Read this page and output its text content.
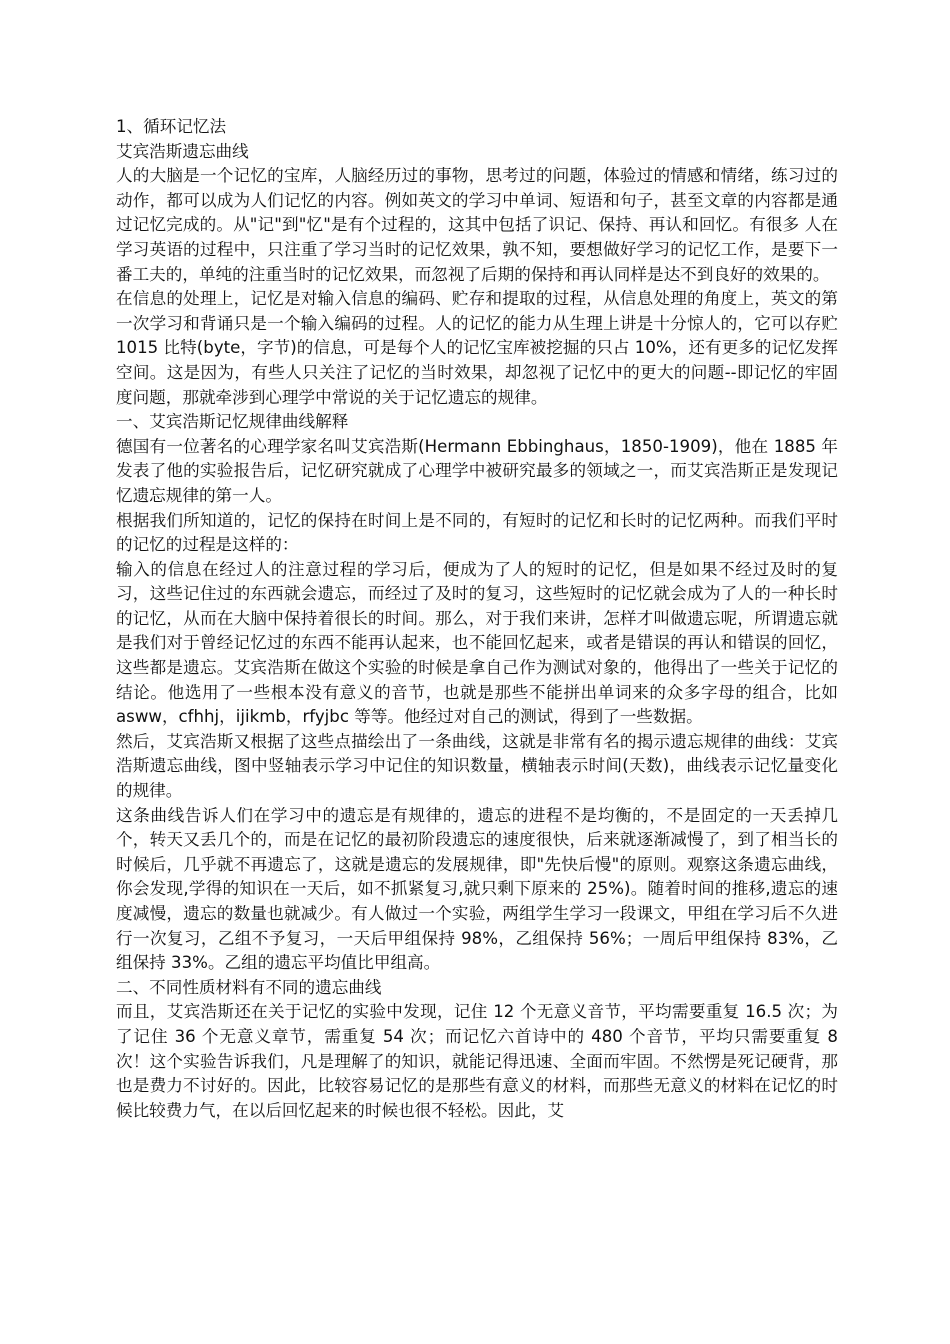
1、循环记忆法
艾宾浩斯遗忘曲线

人的大脑是一个记忆的宝库，人脑经历过的事物，思考过的问题，体验过的情感和情绪，练习过的动作，都可以成为人们记忆的内容。例如英文的学习中单词、短语和句子，甚至文章的内容都是通过记忆完成的。从"记"到"忆"是有个过程的，这其中包括了识记、保持、再认和回忆。有很多 人在学习英语的过程中，只注重了学习当时的记忆效果，孰不知，要想做好学习的记忆工作，是要下一番工夫的，单纯的注重当时的记忆效果，而忽视了后期的保持和再认同样是达不到良好的效果的。

在信息的处理上，记忆是对输入信息的编码、贮存和提取的过程，从信息处理的角度上，英文的第一次学习和背诵只是一个输入编码的过程。人的记忆的能力从生理上讲是十分惊人的，它可以存贮 1015 比特(byte，字节)的信息，可是每个人的记忆宝库被挖掘的只占 10%，还有更多的记忆发挥空间。这是因为，有些人只关注了记忆的当时效果，却忽视了记忆中的更大的问题--即记忆的牢固度问题，那就牵涉到心理学中常说的关于记忆遗忘的规律。

一、艾宾浩斯记忆规律曲线解释

德国有一位著名的心理学家名叫艾宾浩斯(Hermann Ebbinghaus，1850-1909)，他在 1885 年发表了他的实验报告后，记忆研究就成了心理学中被研究最多的领域之一，而艾宾浩斯正是发现记忆遗忘规律的第一人。

根据我们所知道的，记忆的保持在时间上是不同的，有短时的记忆和长时的记忆两种。而我们平时的记忆的过程是这样的：

输入的信息在经过人的注意过程的学习后，便成为了人的短时的记忆，但是如果不经过及时的复习，这些记住过的东西就会遗忘，而经过了及时的复习，这些短时的记忆就会成为了人的一种长时的记忆，从而在大脑中保持着很长的时间。那么，对于我们来讲，怎样才叫做遗忘呢，所谓遗忘就是我们对于曾经记忆过的东西不能再认起来，也不能回忆起来，或者是错误的再认和错误的回忆，这些都是遗忘。艾宾浩斯在做这个实验的时候是拿自己作为测试对象的，他得出了一些关于记忆的结论。他选用了一些根本没有意义的音节，也就是那些不能拼出单词来的众多字母的组合，比如 asww，cfhhj，ijikmb，rfyjbc 等等。他经过对自己的测试，得到了一些数据。

然后，艾宾浩斯又根据了这些点描绘出了一条曲线，这就是非常有名的揭示遗忘规律的曲线：艾宾浩斯遗忘曲线，图中竖轴表示学习中记住的知识数量，横轴表示时间(天数)，曲线表示记忆量变化的规律。

这条曲线告诉人们在学习中的遗忘是有规律的，遗忘的进程不是均衡的，不是固定的一天丢掉几个，转天又丢几个的，而是在记忆的最初阶段遗忘的速度很快，后来就逐渐减慢了，到了相当长的时候后，几乎就不再遗忘了，这就是遗忘的发展规律，即"先快后慢"的原则。观察这条遗忘曲线，你会发现,学得的知识在一天后，如不抓紧复习,就只剩下原来的 25%)。随着时间的推移,遗忘的速度减慢，遗忘的数量也就减少。有人做过一个实验，两组学生学习一段课文，甲组在学习后不久进行一次复习，乙组不予复习，一天后甲组保持 98%，乙组保持 56%；一周后甲组保持 83%，乙组保持 33%。乙组的遗忘平均值比甲组高。

二、不同性质材料有不同的遗忘曲线

而且，艾宾浩斯还在关于记忆的实验中发现，记住 12 个无意义音节，平均需要重复 16.5 次；为了记住 36 个无意义章节，需重复 54 次；而记忆六首诗中的 480 个音节，平均只需要重复 8 次！这个实验告诉我们，凡是理解了的知识，就能记得迅速、全面而牢固。不然愣是死记硬背，那也是费力不讨好的。因此，比较容易记忆的是那些有意义的材料，而那些无意义的材料在记忆的时候比较费力气，在以后回忆起来的时候也很不轻松。因此，艾
